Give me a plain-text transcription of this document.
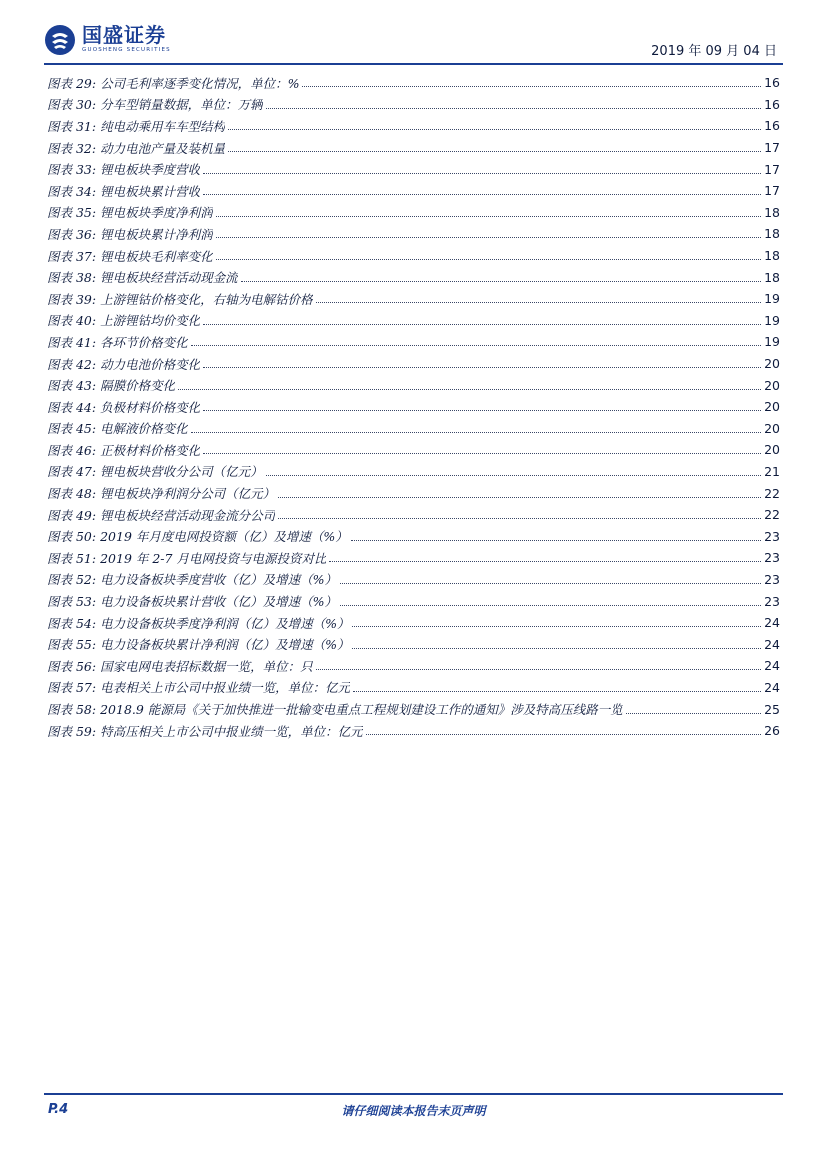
国盛证券
GUOSHENG SECURITIES	2019 年 09 月 04 日
图表 29: 公司毛利率逐季变化情况，单位：%	16
图表 30: 分车型销量数据，单位：万辆	16
图表 31: 纯电动乘用车车型结构	16
图表 32: 动力电池产量及装机量	17
图表 33: 锂电板块季度营收	17
图表 34: 锂电板块累计营收	17
图表 35: 锂电板块季度净利润	18
图表 36: 锂电板块累计净利润	18
图表 37: 锂电板块毛利率变化	18
图表 38: 锂电板块经营活动现金流	18
图表 39: 上游锂钴价格变化，右轴为电解钴价格	19
图表 40: 上游锂钴均价变化	19
图表 41: 各环节价格变化	19
图表 42: 动力电池价格变化	20
图表 43: 隔膜价格变化	20
图表 44: 负极材料价格变化	20
图表 45: 电解液价格变化	20
图表 46: 正极材料价格变化	20
图表 47: 锂电板块营收分公司（亿元）	21
图表 48: 锂电板块净利润分公司（亿元）	22
图表 49: 锂电板块经营活动现金流分公司	22
图表 50: 2019 年月度电网投资额（亿）及增速（%）	23
图表 51: 2019 年 2-7 月电网投资与电源投资对比	23
图表 52: 电力设备板块季度营收（亿）及增速（%）	23
图表 53: 电力设备板块累计营收（亿）及增速（%）	23
图表 54: 电力设备板块季度净利润（亿）及增速（%）	24
图表 55: 电力设备板块累计净利润（亿）及增速（%）	24
图表 56: 国家电网电表招标数据一览，单位：只	24
图表 57: 电表相关上市公司中报业绩一览，单位：亿元	24
图表 58: 2018.9 能源局《关于加快推进一批输变电重点工程规划建设工作的通知》涉及特高压线路一览	25
图表 59: 特高压相关上市公司中报业绩一览，单位：亿元	26
P.4	请仔细阅读本报告末页声明
